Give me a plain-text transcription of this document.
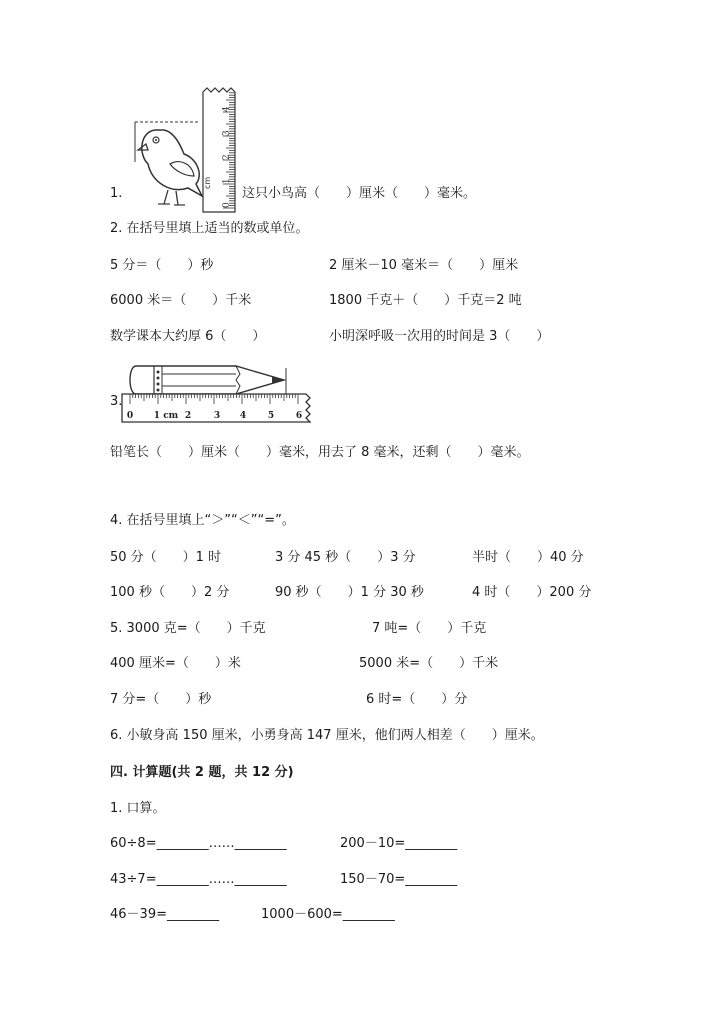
1.
cm
0
1
2
3
4
这只小鸟高（　　）厘米（　　）毫米。
2. 在括号里填上适当的数或单位。
5 分＝（　　）秒	2 厘米－10 毫米＝（　　）厘米
6000 米＝（　　）千米	1800 千克＋（　　）千克＝2 吨
数学课本大约厚 6（　　）	小明深呼吸一次用的时间是 3（　　）
3.
0 1 cm 2	3 4 5 6
铅笔长（　　）厘米（　　）毫米，用去了 8 毫米，还剩（　　）毫米。
4. 在括号里填上“＞”“＜”“=”。
50 分（　　）1 时	3 分 45 秒（　　）3 分	半时（　　）40 分
100 秒（　　）2 分	90 秒（　　）1 分 30 秒	4 时（　　）200 分
5. 3000 克=（　　）千克	7 吨=（　　）千克
400 厘米=（　　）米	5000 米=（　　）千米
7 分=（　　）秒	6 时=（　　）分
6. 小敏身高 150 厘米，小勇身高 147 厘米，他们两人相差（　　）厘米。
四. 计算题(共 2 题，共 12 分)
1. 口算。
60÷8=________……________	200－10=________
43÷7=________……________	150－70=________
46－39=________	1000－600=________
